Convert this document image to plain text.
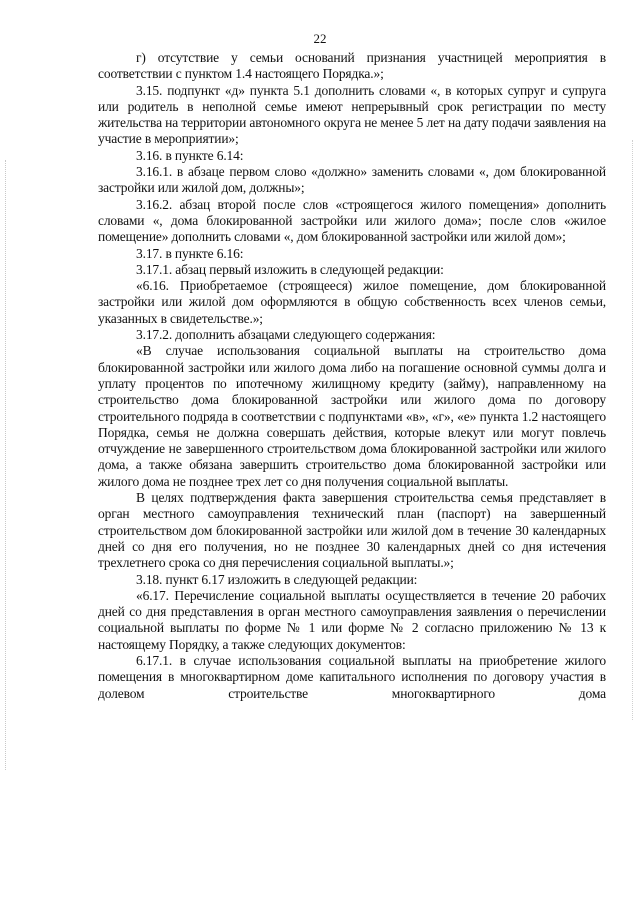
22

г) отсутствие у семьи оснований признания участницей мероприятия в соответствии с пунктом 1.4 настоящего Порядка.»;

3.15. подпункт «д» пункта 5.1 дополнить словами «, в которых супруг и супруга или родитель в неполной семье имеют непрерывный срок регистрации по месту жительства на территории автономного округа не менее 5 лет на дату подачи заявления на участие в мероприятии»;

3.16. в пункте 6.14:

3.16.1. в абзаце первом слово «должно» заменить словами «, дом блокированной застройки или жилой дом, должны»;

3.16.2. абзац второй после слов «строящегося жилого помещения» дополнить словами «, дома блокированной застройки или жилого дома»; после слов «жилое помещение» дополнить словами «, дом блокированной застройки или жилой дом»;

3.17. в пункте 6.16:

3.17.1. абзац первый изложить в следующей редакции:

«6.16. Приобретаемое (строящееся) жилое помещение, дом блокированной застройки или жилой дом оформляются в общую собственность всех членов семьи, указанных в свидетельстве.»;

3.17.2. дополнить абзацами следующего содержания:

«В случае использования социальной выплаты на строительство дома блокированной застройки или жилого дома либо на погашение основной суммы долга и уплату процентов по ипотечному жилищному кредиту (займу), направленному на строительство дома блокированной застройки или жилого дома по договору строительного подряда в соответствии с подпунктами «в», «г», «е» пункта 1.2 настоящего Порядка, семья не должна совершать действия, которые влекут или могут повлечь отчуждение не завершенного строительством дома блокированной застройки или жилого дома, а также обязана завершить строительство дома блокированной застройки или жилого дома не позднее трех лет со дня получения социальной выплаты.

В целях подтверждения факта завершения строительства семья представляет в орган местного самоуправления технический план (паспорт) на завершенный строительством дом блокированной застройки или жилой дом в течение 30 календарных дней со дня его получения, но не позднее 30 календарных дней со дня истечения трехлетнего срока со дня перечисления социальной выплаты.»;

3.18. пункт 6.17 изложить в следующей редакции:

«6.17. Перечисление социальной выплаты осуществляется в течение 20 рабочих дней со дня представления в орган местного самоуправления заявления о перечислении социальной выплаты по форме № 1 или форме № 2 согласно приложению № 13 к настоящему Порядку, а также следующих документов:

6.17.1. в случае использования социальной выплаты на приобретение жилого помещения в многоквартирном доме капитального исполнения по договору участия в долевом строительстве многоквартирного дома
